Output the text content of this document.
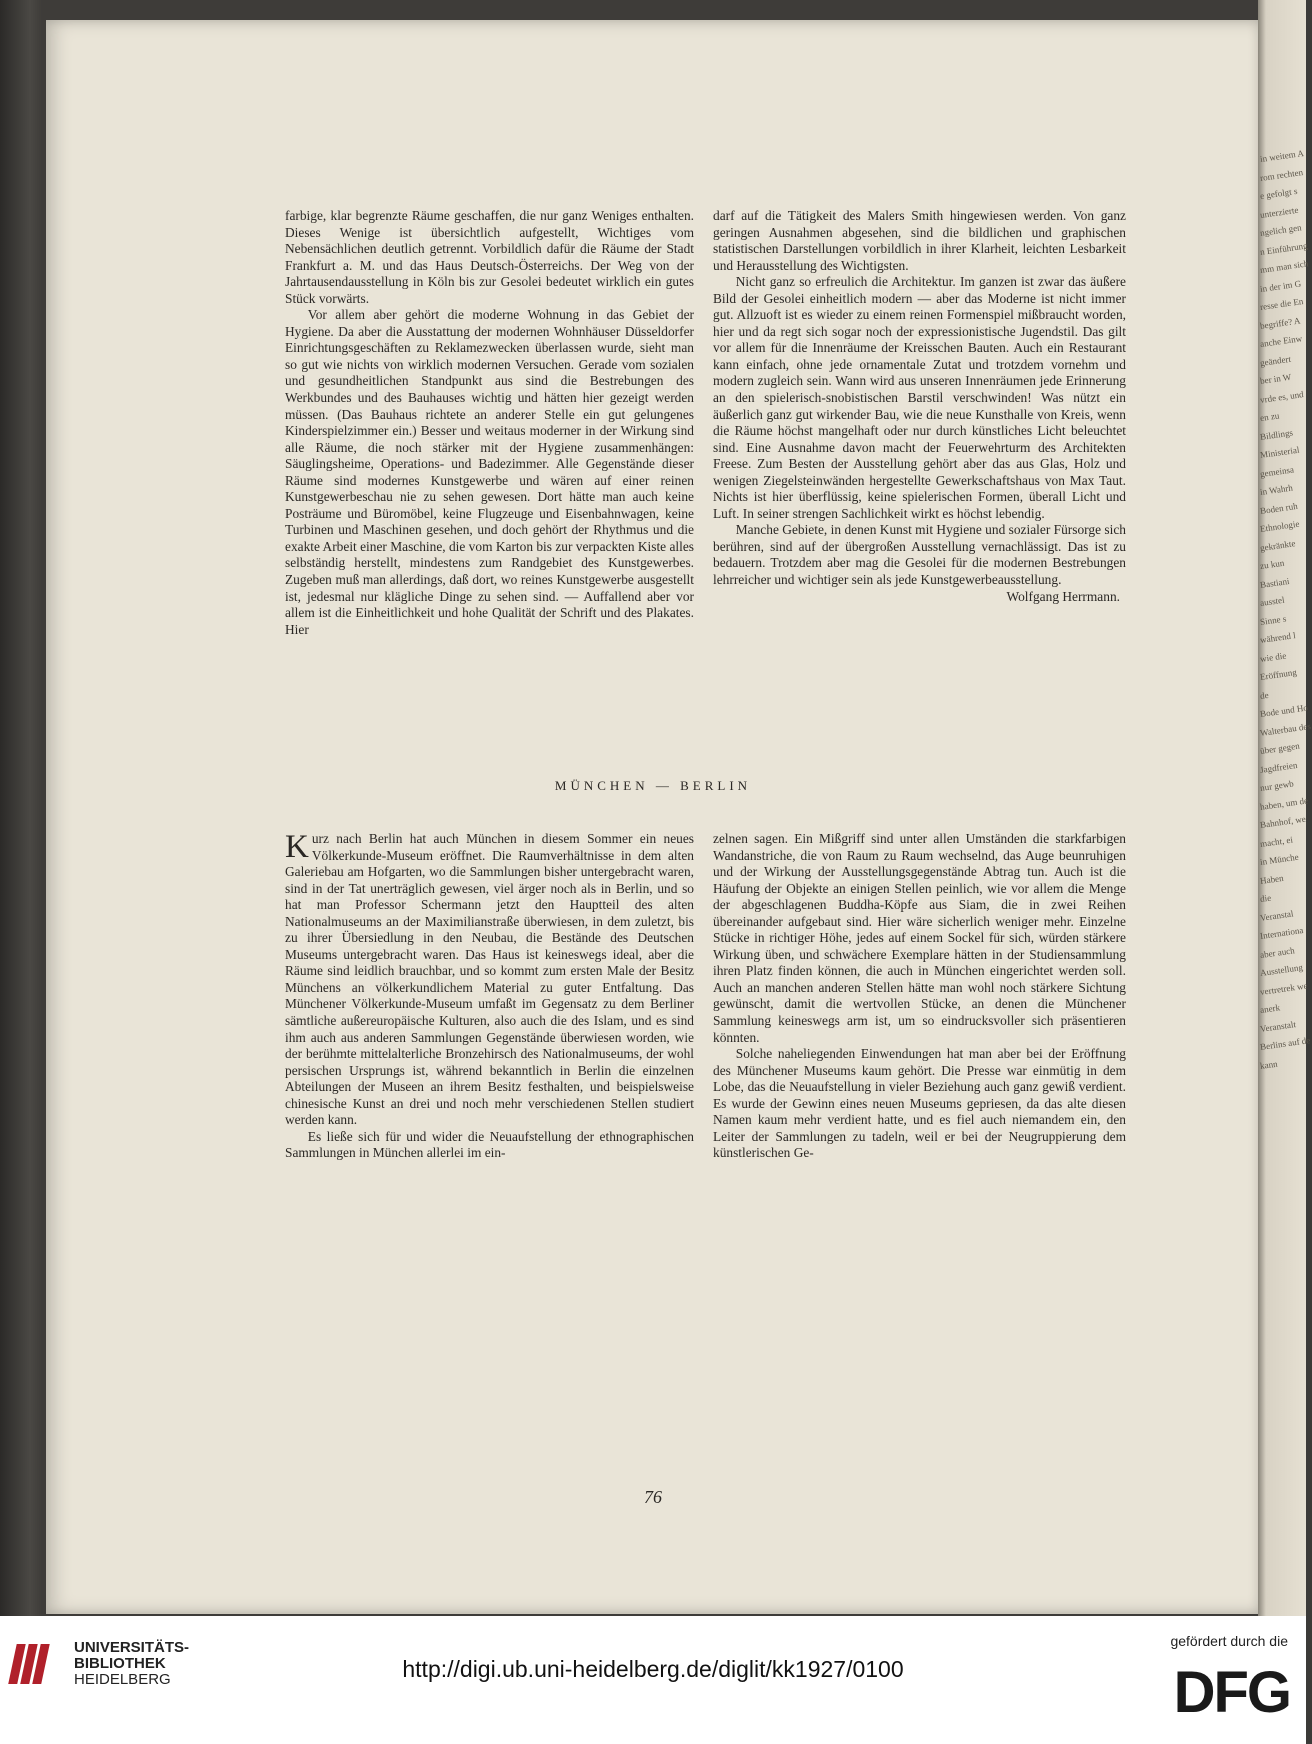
in weitem A
rom rechten
e gefolgt s
unterzierte
ngelich gen
n Einführung
mm man sich
in der im G
resse die En
begriffe? A
anche Einw
geändert
ber in W
vrde es, und
en zu
Bildlings
Ministerial
gemeinsa
in Wahrh
Boden ruh
Ethnologie
gekränkte
zu kun
Bastiani
ausstel
Sinne s
während l
wie die
Eröffnung
de
Bode und Ho
Walterbau des
über gegen
Jagdfreien
nur gewb
haben, um de
Bahnhof, we
macht, ei
in Münche
Haben
die
Veranstal
Internationa
aber auch
Ausstellung
vertretrek we
anerk
Veranstalt
Berlins auf de
kann

farbige, klar begrenzte Räume geschaffen, die nur ganz Weniges enthalten. Dieses Wenige ist übersichtlich aufgestellt, Wichtiges vom Nebensächlichen deutlich getrennt. Vorbildlich dafür die Räume der Stadt Frankfurt a. M. und das Haus Deutsch-Österreichs. Der Weg von der Jahrtausendausstellung in Köln bis zur Gesolei bedeutet wirklich ein gutes Stück vorwärts.

Vor allem aber gehört die moderne Wohnung in das Gebiet der Hygiene. Da aber die Ausstattung der modernen Wohnhäuser Düsseldorfer Einrichtungsgeschäften zu Reklamezwecken überlassen wurde, sieht man so gut wie nichts von wirklich modernen Versuchen. Gerade vom sozialen und gesundheitlichen Standpunkt aus sind die Bestrebungen des Werkbundes und des Bauhauses wichtig und hätten hier gezeigt werden müssen. (Das Bauhaus richtete an anderer Stelle ein gut gelungenes Kinderspielzimmer ein.) Besser und weitaus moderner in der Wirkung sind alle Räume, die noch stärker mit der Hygiene zusammenhängen: Säuglingsheime, Operations- und Badezimmer. Alle Gegenstände dieser Räume sind modernes Kunstgewerbe und wären auf einer reinen Kunstgewerbeschau nie zu sehen gewesen. Dort hätte man auch keine Posträume und Büromöbel, keine Flugzeuge und Eisenbahnwagen, keine Turbinen und Maschinen gesehen, und doch gehört der Rhythmus und die exakte Arbeit einer Maschine, die vom Karton bis zur verpackten Kiste alles selbständig herstellt, mindestens zum Randgebiet des Kunstgewerbes. Zugeben muß man allerdings, daß dort, wo reines Kunstgewerbe ausgestellt ist, jedesmal nur klägliche Dinge zu sehen sind. — Auffallend aber vor allem ist die Einheitlichkeit und hohe Qualität der Schrift und des Plakates. Hier

darf auf die Tätigkeit des Malers Smith hingewiesen werden. Von ganz geringen Ausnahmen abgesehen, sind die bildlichen und graphischen statistischen Darstellungen vorbildlich in ihrer Klarheit, leichten Lesbarkeit und Herausstellung des Wichtigsten.

Nicht ganz so erfreulich die Architektur. Im ganzen ist zwar das äußere Bild der Gesolei einheitlich modern — aber das Moderne ist nicht immer gut. Allzuoft ist es wieder zu einem reinen Formenspiel mißbraucht worden, hier und da regt sich sogar noch der expressionistische Jugendstil. Das gilt vor allem für die Innenräume der Kreisschen Bauten. Auch ein Restaurant kann einfach, ohne jede ornamentale Zutat und trotzdem vornehm und modern zugleich sein. Wann wird aus unseren Innenräumen jede Erinnerung an den spielerisch-snobistischen Barstil verschwinden! Was nützt ein äußerlich ganz gut wirkender Bau, wie die neue Kunsthalle von Kreis, wenn die Räume höchst mangelhaft oder nur durch künstliches Licht beleuchtet sind. Eine Ausnahme davon macht der Feuerwehrturm des Architekten Freese. Zum Besten der Ausstellung gehört aber das aus Glas, Holz und wenigen Ziegelsteinwänden hergestellte Gewerkschaftshaus von Max Taut. Nichts ist hier überflüssig, keine spielerischen Formen, überall Licht und Luft. In seiner strengen Sachlichkeit wirkt es höchst lebendig.

Manche Gebiete, in denen Kunst mit Hygiene und sozialer Fürsorge sich berühren, sind auf der übergroßen Ausstellung vernachlässigt. Das ist zu bedauern. Trotzdem aber mag die Gesolei für die modernen Bestrebungen lehrreicher und wichtiger sein als jede Kunstgewerbeausstellung.

Wolfgang Herrmann.

MÜNCHEN — BERLIN

Kurz nach Berlin hat auch München in diesem Sommer ein neues Völkerkunde-Museum eröffnet. Die Raumverhältnisse in dem alten Galeriebau am Hofgarten, wo die Sammlungen bisher untergebracht waren, sind in der Tat unerträglich gewesen, viel ärger noch als in Berlin, und so hat man Professor Schermann jetzt den Hauptteil des alten Nationalmuseums an der Maximilianstraße überwiesen, in dem zuletzt, bis zu ihrer Übersiedlung in den Neubau, die Bestände des Deutschen Museums untergebracht waren. Das Haus ist keineswegs ideal, aber die Räume sind leidlich brauchbar, und so kommt zum ersten Male der Besitz Münchens an völkerkundlichem Material zu guter Entfaltung. Das Münchener Völkerkunde-Museum umfaßt im Gegensatz zu dem Berliner sämtliche außereuropäische Kulturen, also auch die des Islam, und es sind ihm auch aus anderen Sammlungen Gegenstände überwiesen worden, wie der berühmte mittelalterliche Bronzehirsch des Nationalmuseums, der wohl persischen Ursprungs ist, während bekanntlich in Berlin die einzelnen Abteilungen der Museen an ihrem Besitz festhalten, und beispielsweise chinesische Kunst an drei und noch mehr verschiedenen Stellen studiert werden kann.

Es ließe sich für und wider die Neuaufstellung der ethnographischen Sammlungen in München allerlei im ein-

zelnen sagen. Ein Mißgriff sind unter allen Umständen die starkfarbigen Wandanstriche, die von Raum zu Raum wechselnd, das Auge beunruhigen und der Wirkung der Ausstellungsgegenstände Abtrag tun. Auch ist die Häufung der Objekte an einigen Stellen peinlich, wie vor allem die Menge der abgeschlagenen Buddha-Köpfe aus Siam, die in zwei Reihen übereinander aufgebaut sind. Hier wäre sicherlich weniger mehr. Einzelne Stücke in richtiger Höhe, jedes auf einem Sockel für sich, würden stärkere Wirkung üben, und schwächere Exemplare hätten in der Studiensammlung ihren Platz finden können, die auch in München eingerichtet werden soll. Auch an manchen anderen Stellen hätte man wohl noch stärkere Sichtung gewünscht, damit die wertvollen Stücke, an denen die Münchener Sammlung keineswegs arm ist, um so eindrucksvoller sich präsentieren könnten.

Solche naheliegenden Einwendungen hat man aber bei der Eröffnung des Münchener Museums kaum gehört. Die Presse war einmütig in dem Lobe, das die Neuaufstellung in vieler Beziehung auch ganz gewiß verdient. Es wurde der Gewinn eines neuen Museums gepriesen, da das alte diesen Namen kaum mehr verdient hatte, und es fiel auch niemandem ein, den Leiter der Sammlungen zu tadeln, weil er bei der Neugruppierung dem künstlerischen Ge-

76
UNIVERSITÄTS-
BIBLIOTHEK
HEIDELBERG	http://digi.ub.uni-heidelberg.de/diglit/kk1927/0100
gefördert durch die
DFG
